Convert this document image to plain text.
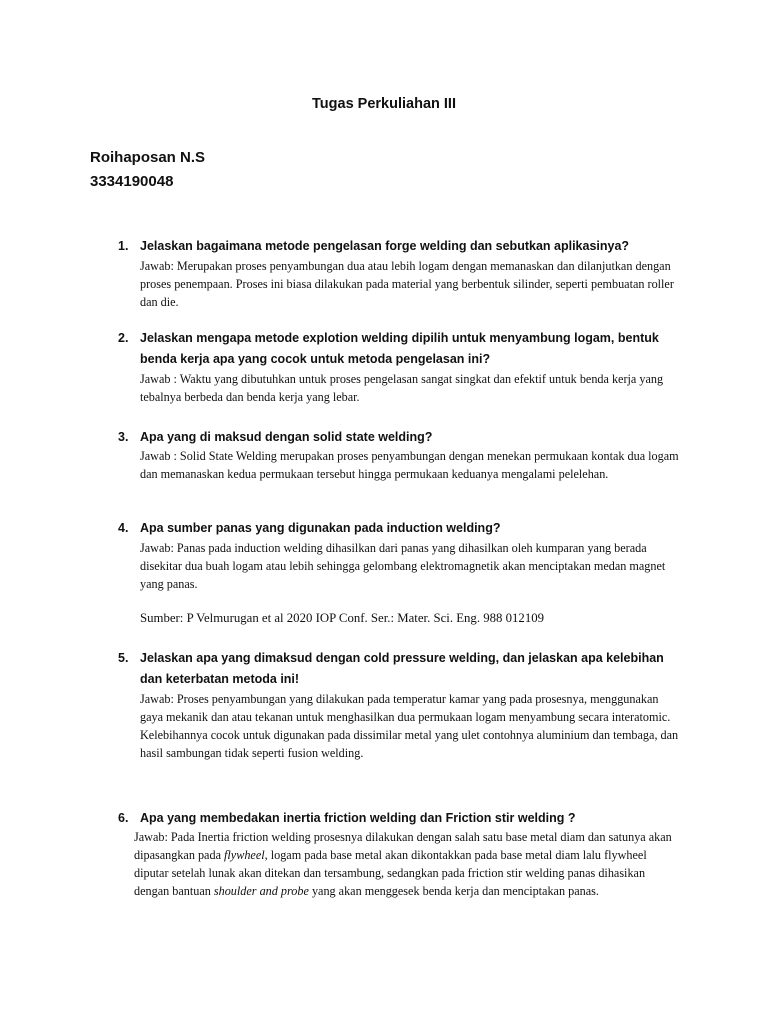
Tugas Perkuliahan III
Roihaposan N.S
3334190048
1. Jelaskan bagaimana metode pengelasan forge welding dan sebutkan aplikasinya?
Jawab: Merupakan proses penyambungan dua atau lebih logam dengan memanaskan dan dilanjutkan dengan proses penempaan. Proses ini biasa dilakukan pada material yang berbentuk silinder, seperti pembuatan roller dan die.
2. Jelaskan mengapa metode explotion welding dipilih untuk menyambung logam, bentuk benda kerja apa yang cocok untuk metoda pengelasan ini?
Jawab : Waktu yang dibutuhkan untuk proses pengelasan sangat singkat dan efektif untuk benda kerja yang tebalnya berbeda dan benda kerja yang lebar.
3. Apa yang di maksud dengan solid state welding?
Jawab : Solid State Welding merupakan proses penyambungan dengan menekan permukaan kontak dua logam dan memanaskan kedua permukaan tersebut hingga permukaan keduanya mengalami pelelehan.
4. Apa sumber panas yang digunakan pada induction welding?
Jawab: Panas pada induction welding dihasilkan dari panas yang dihasilkan oleh kumparan yang berada disekitar dua buah logam atau lebih sehingga gelombang elektromagnetik akan menciptakan medan magnet yang panas.
Sumber: P Velmurugan et al 2020 IOP Conf. Ser.: Mater. Sci. Eng. 988 012109
5. Jelaskan apa yang dimaksud dengan cold pressure welding, dan jelaskan apa kelebihan dan keterbatan metoda ini!
Jawab: Proses penyambungan yang dilakukan pada temperatur kamar yang pada prosesnya, menggunakan gaya mekanik dan atau tekanan untuk menghasilkan dua permukaan logam menyambung secara interatomic. Kelebihannya cocok untuk digunakan pada dissimilar metal yang ulet contohnya aluminium dan tembaga, dan hasil sambungan tidak seperti fusion welding.
6. Apa yang membedakan inertia friction welding dan Friction stir welding ?
Jawab: Pada Inertia friction welding prosesnya dilakukan dengan salah satu base metal diam dan satunya akan dipasangkan pada flywheel, logam pada base metal akan dikontakkan pada base metal diam lalu flywheel diputar setelah lunak akan ditekan dan tersambung, sedangkan pada friction stir welding panas dihasikan dengan bantuan shoulder and probe yang akan menggesek benda kerja dan menciptakan panas.
